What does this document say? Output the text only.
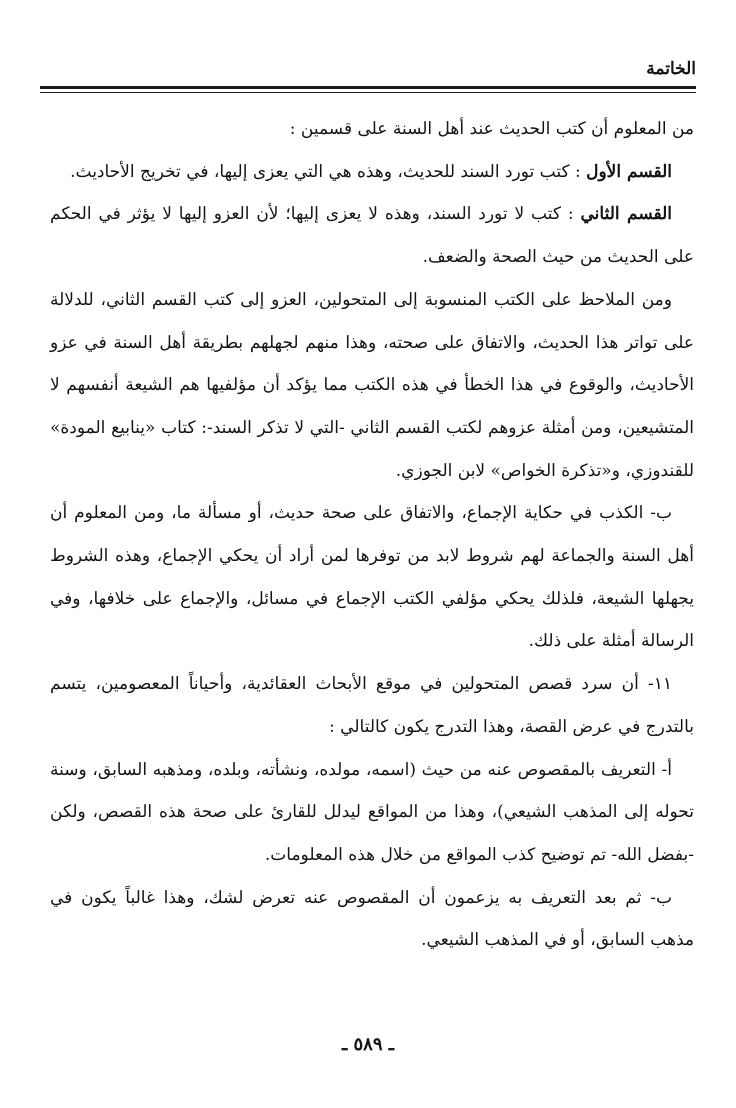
الخاتمة

من المعلوم أن كتب الحديث عند أهل السنة على قسمين :

القسم الأول : كتب تورد السند للحديث، وهذه هي التي يعزى إليها، في تخريج الأحاديث.

القسم الثاني : كتب لا تورد السند، وهذه لا يعزى إليها؛ لأن العزو إليها لا يؤثر في الحكم على الحديث من حيث الصحة والضعف.

ومن الملاحظ على الكتب المنسوبة إلى المتحولين، العزو إلى كتب القسم الثاني، للدلالة على تواتر هذا الحديث، والاتفاق على صحته، وهذا منهم لجهلهم بطريقة أهل السنة في عزو الأحاديث، والوقوع في هذا الخطأ في هذه الكتب مما يؤكد أن مؤلفيها هم الشيعة أنفسهم لا المتشيعين، ومن أمثلة عزوهم لكتب القسم الثاني -التي لا تذكر السند-: كتاب «ينابيع المودة» للقندوزي، و«تذكرة الخواص» لابن الجوزي.

ب- الكذب في حكاية الإجماع، والاتفاق على صحة حديث، أو مسألة ما، ومن المعلوم أن أهل السنة والجماعة لهم شروط لابد من توفرها لمن أراد أن يحكي الإجماع، وهذه الشروط يجهلها الشيعة، فلذلك يحكي مؤلفي الكتب الإجماع في مسائل، والإجماع على خلافها، وفي الرسالة أمثلة على ذلك.

١١- أن سرد قصص المتحولين في موقع الأبحاث العقائدية، وأحياناً المعصومين، يتسم بالتدرج في عرض القصة، وهذا التدرج يكون كالتالي :

أ- التعريف بالمقصوص عنه من حيث (اسمه، مولده، ونشأته، وبلده، ومذهبه السابق، وسنة تحوله إلى المذهب الشيعي)، وهذا من المواقع ليدلل للقارئ على صحة هذه القصص، ولكن -بفضل الله- تم توضيح كذب المواقع من خلال هذه المعلومات.

ب- ثم بعد التعريف به يزعمون أن المقصوص عنه تعرض لشك، وهذا غالباً يكون في مذهب السابق، أو في المذهب الشيعي.

ـ ٥٨٩ ـ
